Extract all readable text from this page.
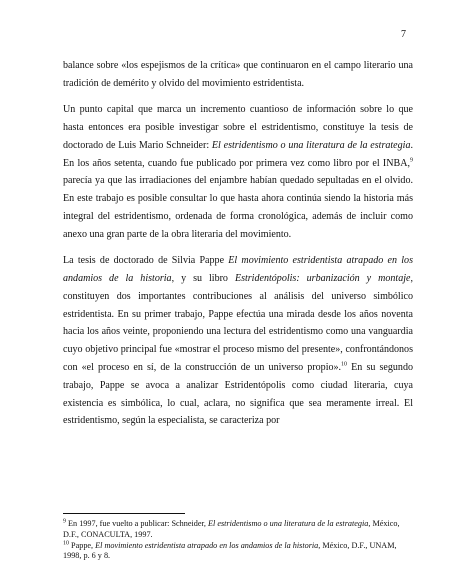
7

balance sobre «los espejismos de la crítica» que continuaron en el campo literario una tradición de demérito y olvido del movimiento estridentista.

Un punto capital que marca un incremento cuantioso de información sobre lo que hasta entonces era posible investigar sobre el estridentismo, constituye la tesis de doctorado de Luis Mario Schneider: El estridentismo o una literatura de la estrategia. En los años setenta, cuando fue publicado por primera vez como libro por el INBA,$^9$ parecía ya que las irradiaciones del enjambre habían quedado sepultadas en el olvido. En este trabajo es posible consultar lo que hasta ahora continúa siendo la historia más integral del estridentismo, ordenada de forma cronológica, además de incluir como anexo una gran parte de la obra literaria del movimiento.

La tesis de doctorado de Silvia Pappe El movimiento estridentista atrapado en los andamios de la historia, y su libro Estridentópolis: urbanización y montaje, constituyen dos importantes contribuciones al análisis del universo simbólico estridentista. En su primer trabajo, Pappe efectúa una mirada desde los años noventa hacia los años veinte, proponiendo una lectura del estridentismo como una vanguardia cuyo objetivo principal fue «mostrar el proceso mismo del presente», confrontándonos con «el proceso en sí, de la construcción de un universo propio».$^{10}$ En su segundo trabajo, Pappe se avoca a analizar Estridentópolis como ciudad literaria, cuya existencia es simbólica, lo cual, aclara, no significa que sea meramente irreal. El estridentismo, según la especialista, se caracteriza por

$^9$ En 1997, fue vuelto a publicar: Schneider, El estridentismo o una literatura de la estrategia, México, D.F., CONACULTA, 1997.

$^{10}$ Pappe, El movimiento estridentista atrapado en los andamios de la historia, México, D.F., UNAM, 1998, p. 6 y 8.
